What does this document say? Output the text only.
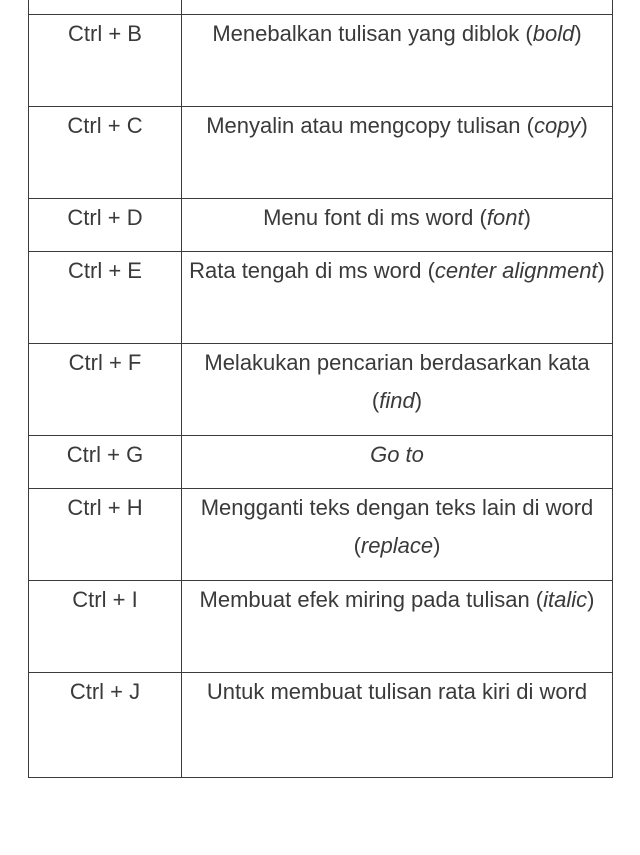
Ctrl + B	Menebalkan tulisan yang diblok (bold)
Ctrl + C	Menyalin atau mengcopy tulisan (copy)
Ctrl + D	Menu font di ms word (font)
Ctrl + E	Rata tengah di ms word (center alignment)
Ctrl + F	Melakukan pencarian berdasarkan kata (find)
Ctrl + G	Go to
Ctrl + H	Mengganti teks dengan teks lain di word (replace)
Ctrl + I	Membuat efek miring pada tulisan (italic)
Ctrl + J	Untuk membuat tulisan rata kiri di word
